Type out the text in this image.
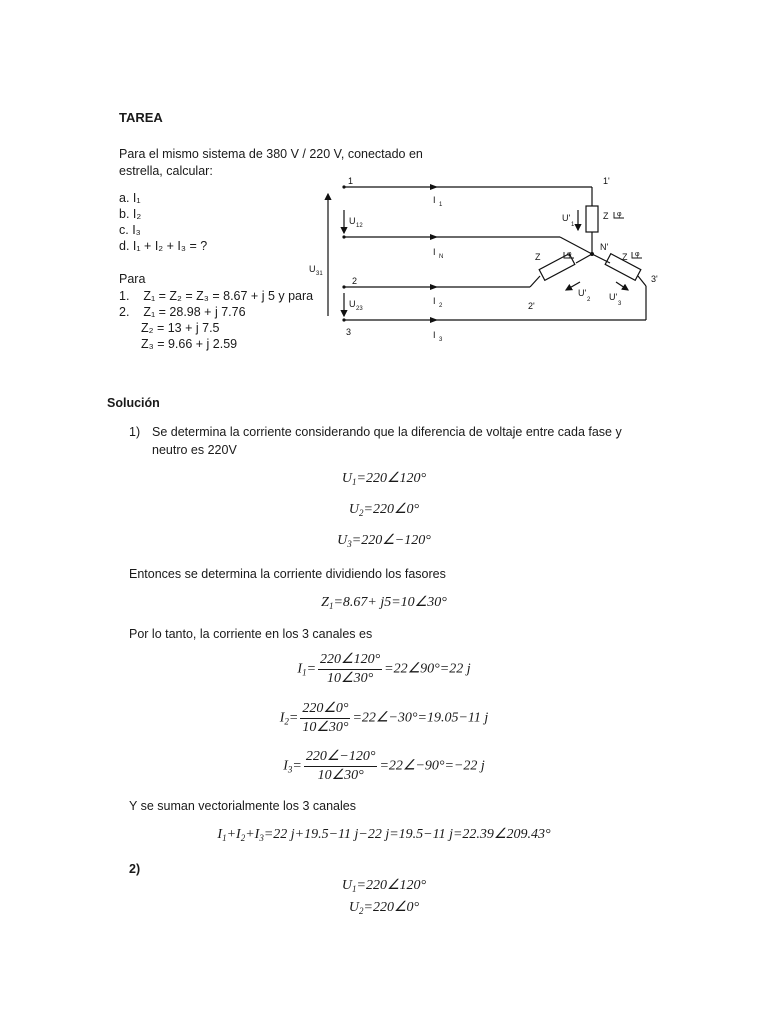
TAREA
Para el mismo sistema de 380 V / 220 V, conectado en
estrella, calcular:
a. I₁
b. I₂
c. I₃
d. I₁ + I₂ + I₃ = ?
Para
1.    Z₁ = Z₂ = Z₃ = 8.67 + j 5 y para
2.    Z₁ = 28.98 + j 7.76
Z₂ = 13 + j 7.5
Z₃ = 9.66 + j 2.59
1
2
3
1'
2'
3'
N'
I 1
I N
I 2
I 3
U 12
U 23
U 31
U'
1
U'
2 U'
3
Z φ
Z	φ	Z φ
Solución
1) Se determina la corriente considerando que la diferencia de voltaje entre cada fase y
neutro es 220V
$U_1=220\angle 120^\circ$
$U_2=220\angle 0^\circ$
$U_3=220\angle-120^\circ$
Entonces se determina la corriente dividiendo los fasores
$Z_1=8.67+$ j5=10∠30°
Por lo tanto, la corriente en los 3 canales es
$I_1= \frac{220\angle 120^\circ}{10\angle 30^\circ}$ =22∠90°=22 j
$I_2= \frac{220\angle 0^\circ}{10\angle 30^\circ}$ =22∠−30°=19.05−11 j
$I_3= \frac{220\angle-120^\circ}{10\angle 30^\circ}$ =22∠−90°=−22 j
Y se suman vectorialmente los 3 canales
$I_1+I_2+I_3=22$ j+19.5−11 j−22 j=19.5−11 j=22.39∠209.43°
2)
$U_1=220\angle 120^\circ$
$U_2=220\angle 0^\circ$
